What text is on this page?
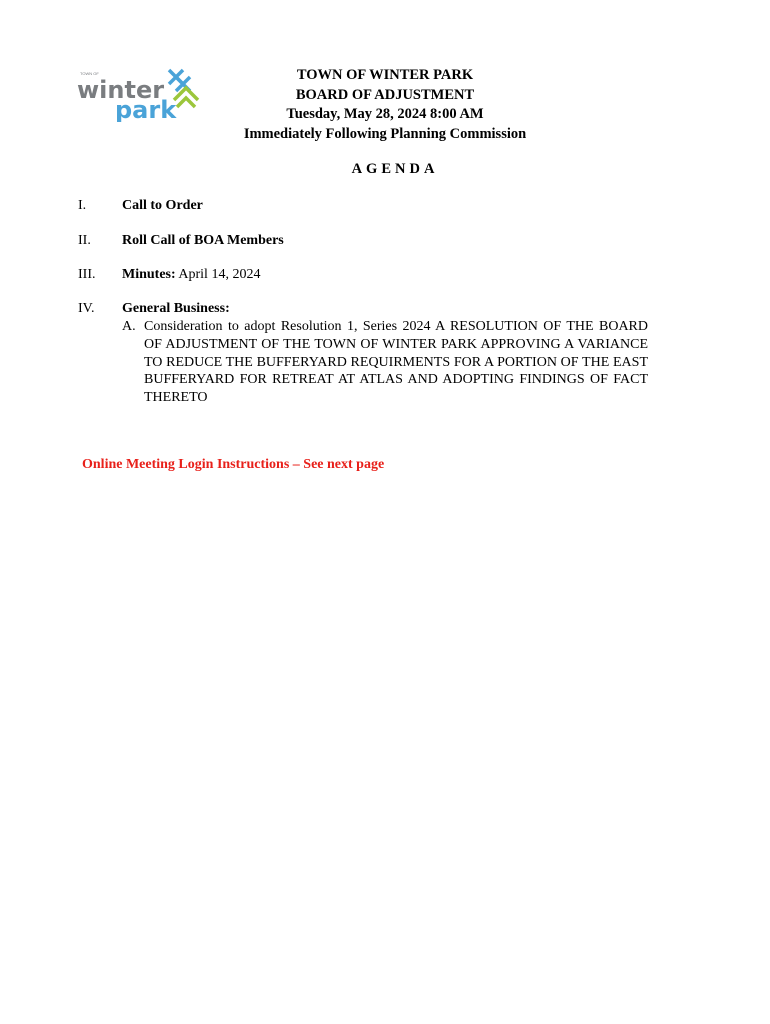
TOWN OF
winter
park
TOWN OF WINTER PARK
BOARD OF ADJUSTMENT
Tuesday, May 28, 2024 8:00 AM
Immediately Following Planning Commission
AGENDA
I.	Call to Order
II.	Roll Call of BOA Members
III.	Minutes: April 14, 2024
IV.	General Business:
A. Consideration to adopt Resolution 1, Series 2024 A RESOLUTION OF THE BOARD OF ADJUSTMENT OF THE TOWN OF WINTER PARK APPROVING A VARIANCE TO REDUCE THE BUFFERYARD REQUIRMENTS FOR A PORTION OF THE EAST BUFFERYARD FOR RETREAT AT ATLAS AND ADOPTING FINDINGS OF FACT THERETO
Online Meeting Login Instructions – See next page
